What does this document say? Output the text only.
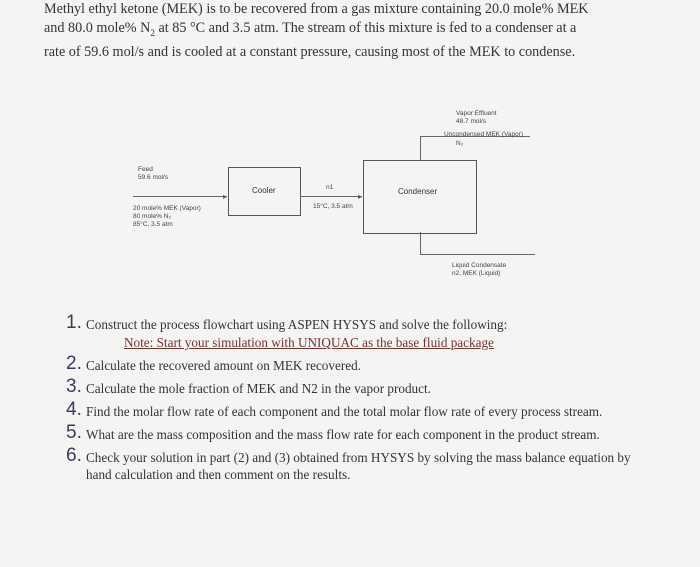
Methyl ethyl ketone (MEK) is to be recovered from a gas mixture containing 20.0 mole% MEK
and 80.0 mole% $N_2$ at 85 °C and 3.5 atm. The stream of this mixture is fed to a condenser at a
rate of 59.6 mol/s and is cooled at a constant pressure, causing most of the MEK to condense.
Feed
59.6 mol/s
20 mole% MEK (Vapor)
80 mole% N₂
85°C, 3.5 atm
▸
Cooler	n1
15°C, 3.5 atm
▸
Condenser
Vapor Effluent
48.7 mol/s
Uncondensed MEK (Vapor)
N₂
Liquid Condensate
n2, MEK (Liquid)
1. Construct the process flowchart using ASPEN HYSYS and solve the following:
Note: Start your simulation with UNIQUAC as the base fluid package
2. Calculate the recovered amount on MEK recovered.
3. Calculate the mole fraction of MEK and N2 in the vapor product.
4. Find the molar flow rate of each component and the total molar flow rate of every process stream.
5. What are the mass composition and the mass flow rate for each component in the product stream.
6. Check your solution in part (2) and (3) obtained from HYSYS by solving the mass balance equation by hand calculation and then comment on the results.
